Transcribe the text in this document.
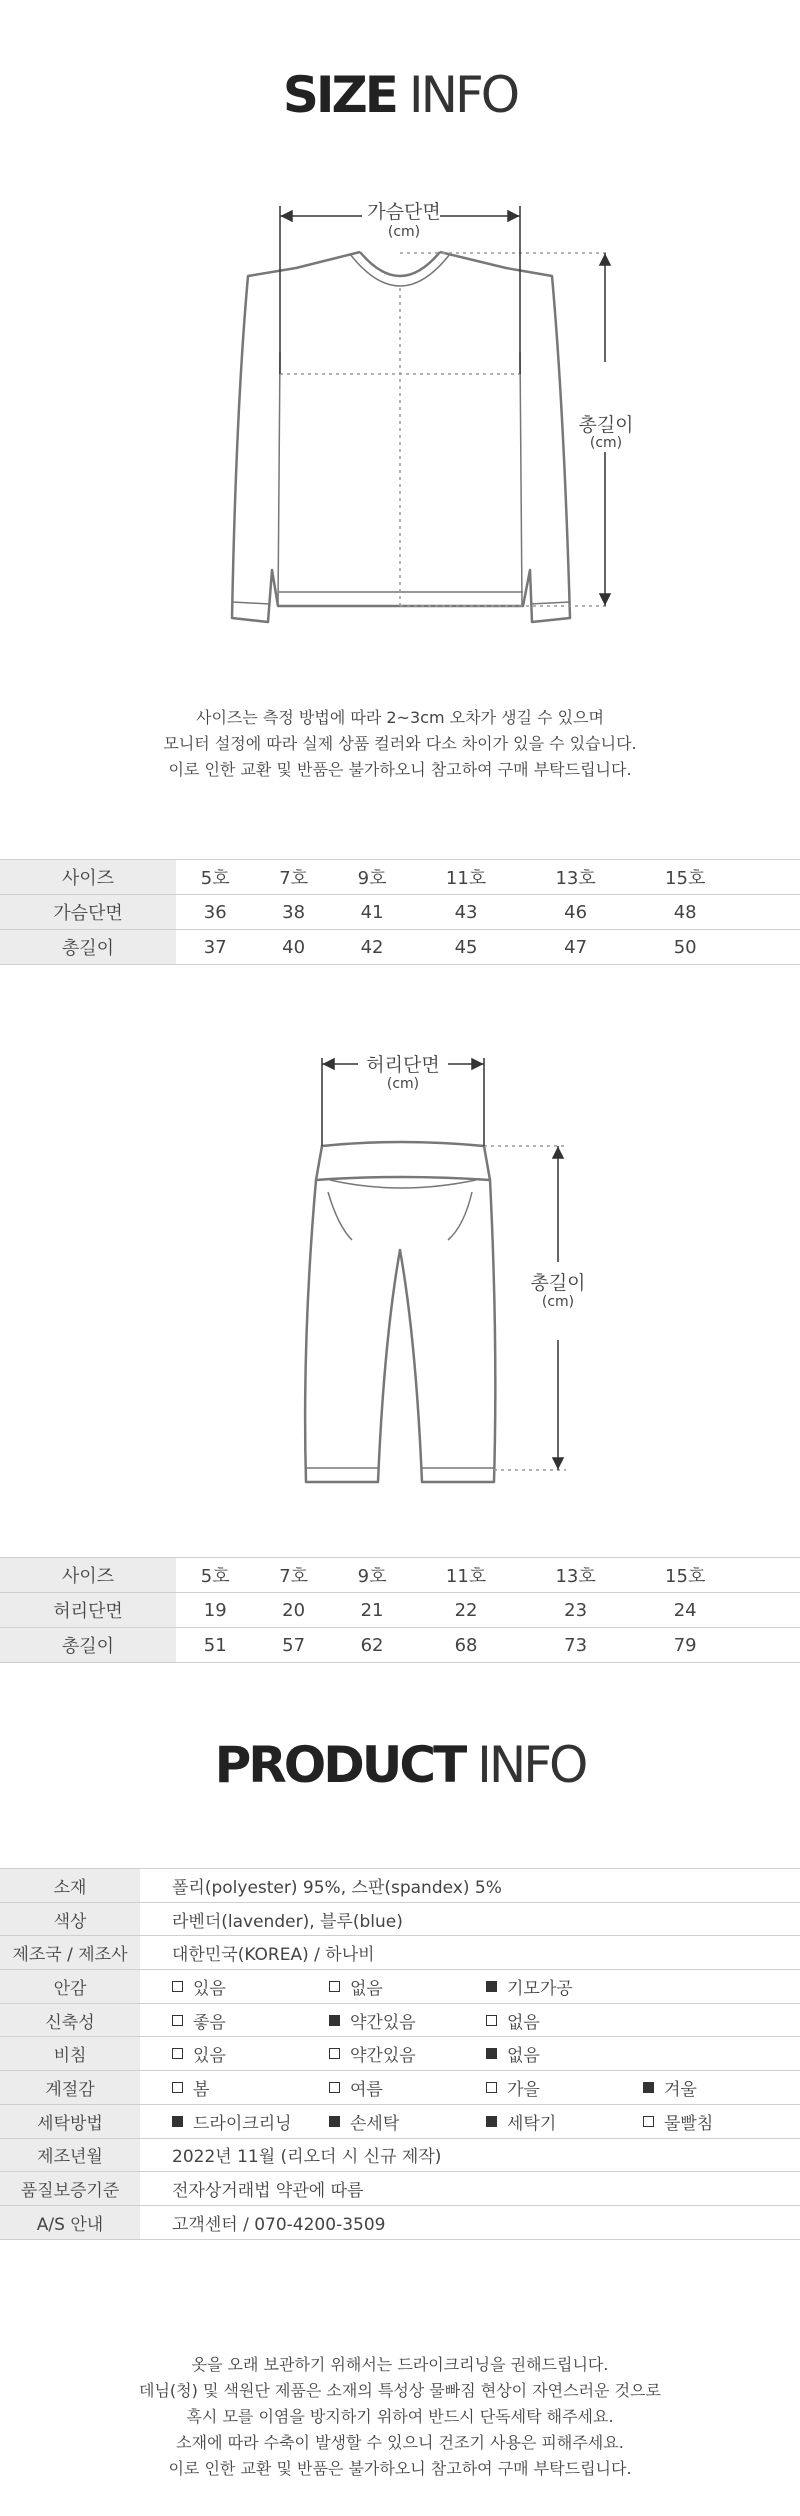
SIZE INFO
가슴단면
(cm)
총길이
(cm)
사이즈는 측정 방법에 따라 2~3cm 오차가 생길 수 있으며
모니터 설정에 따라 실제 상품 컬러와 다소 차이가 있을 수 있습니다.
이로 인한 교환 및 반품은 불가하오니 참고하여 구매 부탁드립니다.
사이즈	5호	7호	9호	11호	13호	15호	
가슴단면	36	38	41	43	46	48	
총길이	37	40	42	45	47	50	
허리단면
(cm)
총길이
(cm)
사이즈	5호	7호	9호	11호	13호	15호	
허리단면	19	20	21	22	23	24	
총길이	51	57	62	68	73	79	
PRODUCT INFO
소재	폴리(polyester) 95%, 스판(spandex) 5%
색상	라벤더(lavender), 블루(blue)
제조국 / 제조사	대한민국(KOREA) / 하나비
안감	있음 없음 기모가공

신축성	좋음 약간있음 없음

비침	있음 약간있음 없음

계절감	봄 여름 가을 겨울

세탁방법	드라이크리닝 손세탁 세탁기 물빨침

제조년월	2022년 11월 (리오더 시 신규 제작)
품질보증기준	전자상거래법 약관에 따름
A/S 안내	고객센터 / 070-4200-3509
옷을 오래 보관하기 위해서는 드라이크리닝을 권해드립니다.
데님(청) 및 색원단 제품은 소재의 특성상 물빠짐 현상이 자연스러운 것으로
혹시 모를 이염을 방지하기 위하여 반드시 단독세탁 해주세요.
소재에 따라 수축이 발생할 수 있으니 건조기 사용은 피해주세요.
이로 인한 교환 및 반품은 불가하오니 참고하여 구매 부탁드립니다.
